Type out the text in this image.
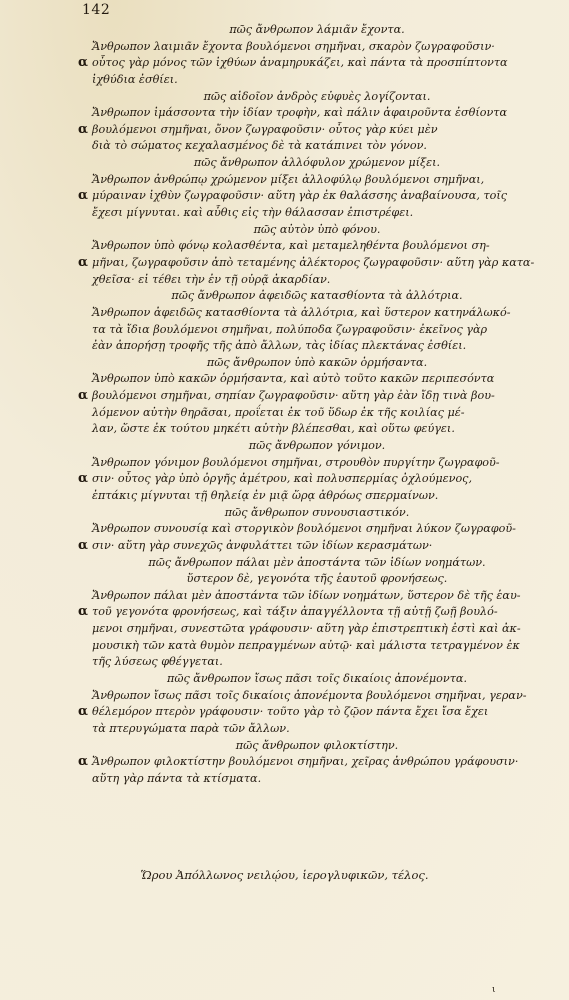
142
πῶς ἄνθρωπον λάμιᾶν ἔχοντα.
Ἄνθρωπον λαιμιᾶν ἔχοντα βουλόμενοι σημῆναι, σκαρὸν ζωγραφοῦσιν·
α οὗτος γὰρ μόνος τῶν ἰχθύων ἀναμηρυκάζει, καὶ πάντα τὰ προσπίπτοντα
ἰχθύδια ἐσθίει.
πῶς αἰδοῖον ἀνδρὸς εὐφυὲς λογίζονται.
Ἄνθρωπον ἱμάσσοντα τὴν ἰδίαν τροφὴν, καὶ πάλιν ἀφαιροῦντα ἐσθίοντα
α βουλόμενοι σημῆναι, ὄνον ζωγραφοῦσιν· οὗτος γὰρ κύει μὲν
διὰ τὸ σώματος κεχαλασμένος δὲ τὰ κατάπινει τὸν γόνον.
πῶς ἄνθρωπον ἀλλόφυλον χρώμενον μίξει.
Ἄνθρωπον ἀνθρώπῳ χρώμενον μίξει ἀλλοφύλῳ βουλόμενοι σημῆναι,
α μύραιναν ἰχθὺν ζωγραφοῦσιν· αὕτη γὰρ ἐκ θαλάσσης ἀναβαίνουσα, τοῖς
ἔχεσι μίγνυται. καὶ αὖθις εἰς τὴν θάλασσαν ἐπιστρέφει.
πῶς αὐτὸν ὑπὸ φόνου.
Ἄνθρωπον ὑπὸ φόνῳ κολασθέντα, καὶ μεταμεληθέντα βουλόμενοι ση-
α μῆναι, ζωγραφοῦσιν ἀπὸ τεταμένης ἀλέκτορος ζωγραφοῦσιν· αὕτη γὰρ κατα-
χθεῖσα· εἰ τέθει τὴν ἐν τῇ οὐρᾷ ἀκαρδίαν.
πῶς ἄνθρωπον ἀφειδῶς κατασθίοντα τὰ ἀλλότρια.
Ἄνθρωπον ἀφειδῶς κατασθίοντα τὰ ἀλλότρια, καὶ ὕστερον κατηνάλωκό-
τα τὰ ἴδια βουλόμενοι σημῆναι, πολύποδα ζωγραφοῦσιν· ἐκεῖνος γὰρ
ἐὰν ἀπορήσῃ τροφῆς τῆς ἀπὸ ἄλλων, τὰς ἰδίας πλεκτάνας ἐσθίει.
πῶς ἄνθρωπον ὑπὸ κακῶν ὁρμήσαντα.
Ἄνθρωπον ὑπὸ κακῶν ὁρμήσαντα, καὶ αὐτὸ τοῦτο κακῶν περιπεσόντα
α βουλόμενοι σημῆναι, σηπίαν ζωγραφοῦσιν· αὕτη γὰρ ἐὰν ἴδῃ τινὰ βου-
λόμενον αὐτὴν θηρᾶσαι, προΐεται ἐκ τοῦ ὕδωρ ἐκ τῆς κοιλίας μέ-
λαν, ὥστε ἐκ τούτου μηκέτι αὐτὴν βλέπεσθαι, καὶ οὕτω φεύγει.
πῶς ἄνθρωπον γόνιμον.
Ἄνθρωπον γόνιμον βουλόμενοι σημῆναι, στρουθὸν πυργίτην ζωγραφοῦ-
α σιν· οὗτος γὰρ ὑπὸ ὀργῆς ἀμέτρου, καὶ πολυσπερμίας ὀχλούμενος,
ἑπτάκις μίγνυται τῇ θηλείᾳ ἐν μιᾷ ὥρᾳ ἀθρόως σπερμαίνων.
πῶς ἄνθρωπον συνουσιαστικόν.
Ἄνθρωπον συνουσίᾳ καὶ στοργικὸν βουλόμενοι σημῆναι λύκον ζωγραφοῦ-
α σιν· αὕτη γὰρ συνεχῶς ἀνφυλάττει τῶν ἰδίων κερασμάτων·
πῶς ἄνθρωπον πάλαι μὲν ἀποστάντα τῶν ἰδίων νοημάτων.
ὕστερον δὲ, γεγονότα τῆς ἑαυτοῦ φρονήσεως.
Ἄνθρωπον πάλαι μὲν ἀποστάντα τῶν ἰδίων νοημάτων, ὕστερον δὲ τῆς ἑαυ-
α τοῦ γεγονότα φρονήσεως, καὶ τάξιν ἀπαγγέλλοντα τῇ αὐτῇ ζωῇ βουλό-
μενοι σημῆναι, συνεστῶτα γράφουσιν· αὕτη γὰρ ἐπιστρεπτικὴ ἐστὶ καὶ ἀκ-
μουσικὴ τῶν κατὰ θυμὸν πεπραγμένων αὐτῷ· καὶ μάλιστα τετραγμένον ἐκ
τῆς λύσεως φθέγγεται.
πῶς ἄνθρωπον ἴσως πᾶσι τοῖς δικαίοις ἀπονέμοντα.
Ἄνθρωπον ἴσως πᾶσι τοῖς δικαίοις ἀπονέμοντα βουλόμενοι σημῆναι, γεραν-
α θέλεμόρον πτερὸν γράφουσιν· τοῦτο γὰρ τὸ ζῷον πάντα ἔχει ἴσα ἔχει
τὰ πτερυγώματα παρὰ τῶν ἄλλων.
πῶς ἄνθρωπον φιλοκτίστην.
α Ἄνθρωπον φιλοκτίστην βουλόμενοι σημῆναι, χεῖρας ἀνθρώπου γράφουσιν·
αὕτη γὰρ πάντα τὰ κτίσματα.
Ὥρου Ἀπόλλωνος νειλῴου, ἱερογλυφικῶν, τέλος.
ι
